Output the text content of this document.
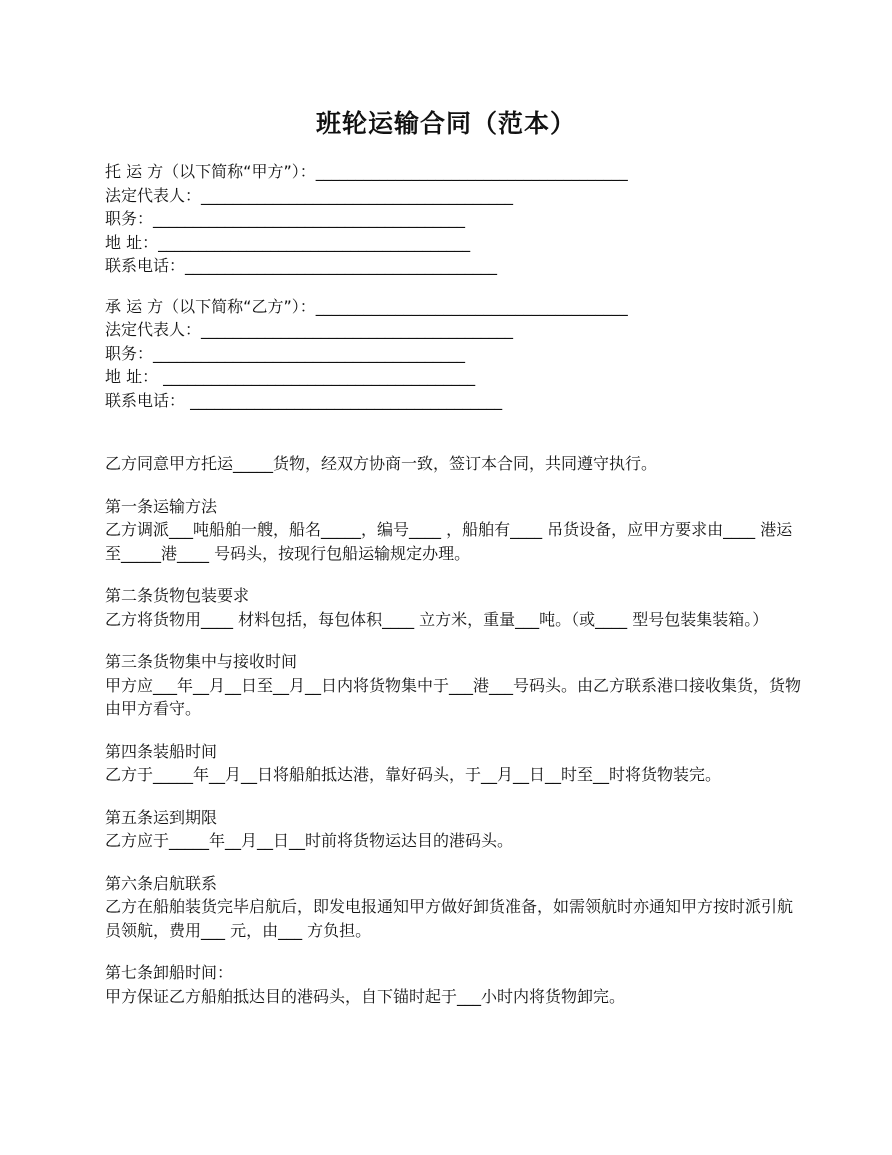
班轮运输合同（范本）
托 运 方（以下简称“甲方”）：_______________________________________
法定代表人：_______________________________________
职务：_______________________________________
地 址：_______________________________________
联系电话：_______________________________________
承 运 方（以下简称“乙方”）：_______________________________________
法定代表人：_______________________________________
职务：_______________________________________
地 址： _______________________________________
联系电话： _______________________________________
乙方同意甲方托运_____货物，经双方协商一致，签订本合同，共同遵守执行。
第一条运输方法
乙方调派___吨船舶一艘，船名_____，编号____ ，船舶有____ 吊货设备，应甲方要求由____ 港运至_____港____ 号码头，按现行包船运输规定办理。
第二条货物包装要求
乙方将货物用____ 材料包括，每包体积____ 立方米，重量___吨。（或____ 型号包装集装箱。）
第三条货物集中与接收时间
甲方应___年__月__日至__月__日内将货物集中于___港___号码头。由乙方联系港口接收集货，货物由甲方看守。
第四条装船时间
乙方于_____年__月__日将船舶抵达港，靠好码头，于__月__日__时至__时将货物装完。
第五条运到期限
乙方应于_____年__月__日__时前将货物运达目的港码头。
第六条启航联系
乙方在船舶装货完毕启航后，即发电报通知甲方做好卸货准备，如需领航时亦通知甲方按时派引航员领航，费用___ 元，由___ 方负担。
第七条卸船时间：
甲方保证乙方船舶抵达目的港码头，自下锚时起于___小时内将货物卸完。
